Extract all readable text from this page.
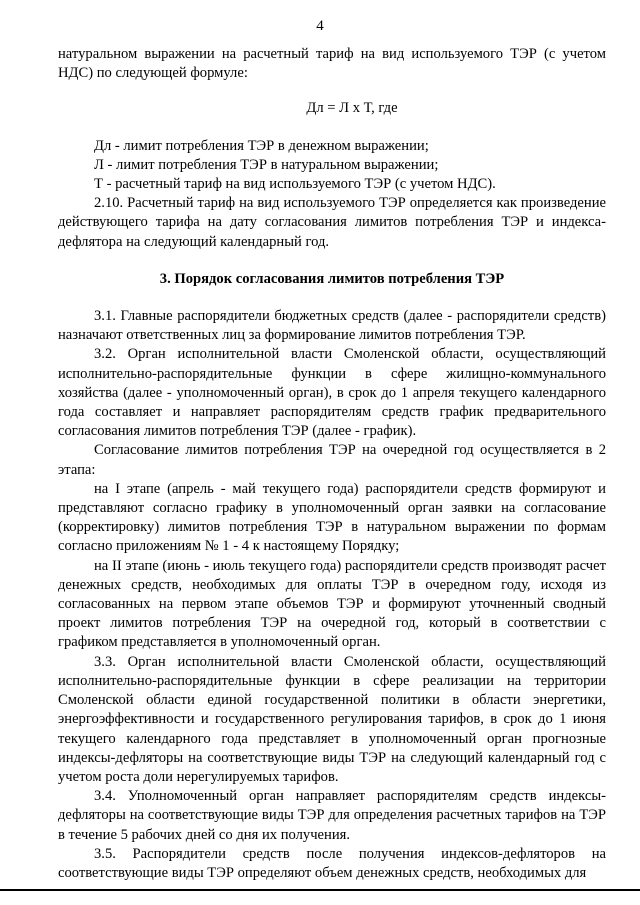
4

натуральном выражении на расчетный тариф на вид используемого ТЭР (с учетом НДС) по следующей формуле:

Дл = Л x Т, где

Дл - лимит потребления ТЭР в денежном выражении;

Л - лимит потребления ТЭР в натуральном выражении;

Т - расчетный тариф на вид используемого ТЭР (с учетом НДС).

2.10. Расчетный тариф на вид используемого ТЭР определяется как произведение действующего тарифа на дату согласования лимитов потребления ТЭР и индекса-дефлятора на следующий календарный год.

3. Порядок согласования лимитов потребления ТЭР

3.1. Главные распорядители бюджетных средств (далее - распорядители средств) назначают ответственных лиц за формирование лимитов потребления ТЭР.

3.2. Орган исполнительной власти Смоленской области, осуществляющий исполнительно-распорядительные функции в сфере жилищно-коммунального хозяйства (далее - уполномоченный орган), в срок до 1 апреля текущего календарного года составляет и направляет распорядителям средств график предварительного согласования лимитов потребления ТЭР (далее - график).

Согласование лимитов потребления ТЭР на очередной год осуществляется в 2 этапа:

на I этапе (апрель - май текущего года) распорядители средств формируют и представляют согласно графику в уполномоченный орган заявки на согласование (корректировку) лимитов потребления ТЭР в натуральном выражении по формам согласно приложениям № 1 - 4 к настоящему Порядку;

на II этапе (июнь - июль текущего года) распорядители средств производят расчет денежных средств, необходимых для оплаты ТЭР в очередном году, исходя из согласованных на первом этапе объемов ТЭР и формируют уточненный сводный проект лимитов потребления ТЭР на очередной год, который в соответствии с графиком представляется в уполномоченный орган.

3.3. Орган исполнительной власти Смоленской области, осуществляющий исполнительно-распорядительные функции в сфере реализации на территории Смоленской области единой государственной политики в области энергетики, энергоэффективности и государственного регулирования тарифов, в срок до 1 июня текущего календарного года представляет в уполномоченный орган прогнозные индексы-дефляторы на соответствующие виды ТЭР на следующий календарный год с учетом роста доли нерегулируемых тарифов.

3.4. Уполномоченный орган направляет распорядителям средств индексы-дефляторы на соответствующие виды ТЭР для определения расчетных тарифов на ТЭР в течение 5 рабочих дней со дня их получения.

3.5. Распорядители средств после получения индексов-дефляторов на соответствующие виды ТЭР определяют объем денежных средств, необходимых для
